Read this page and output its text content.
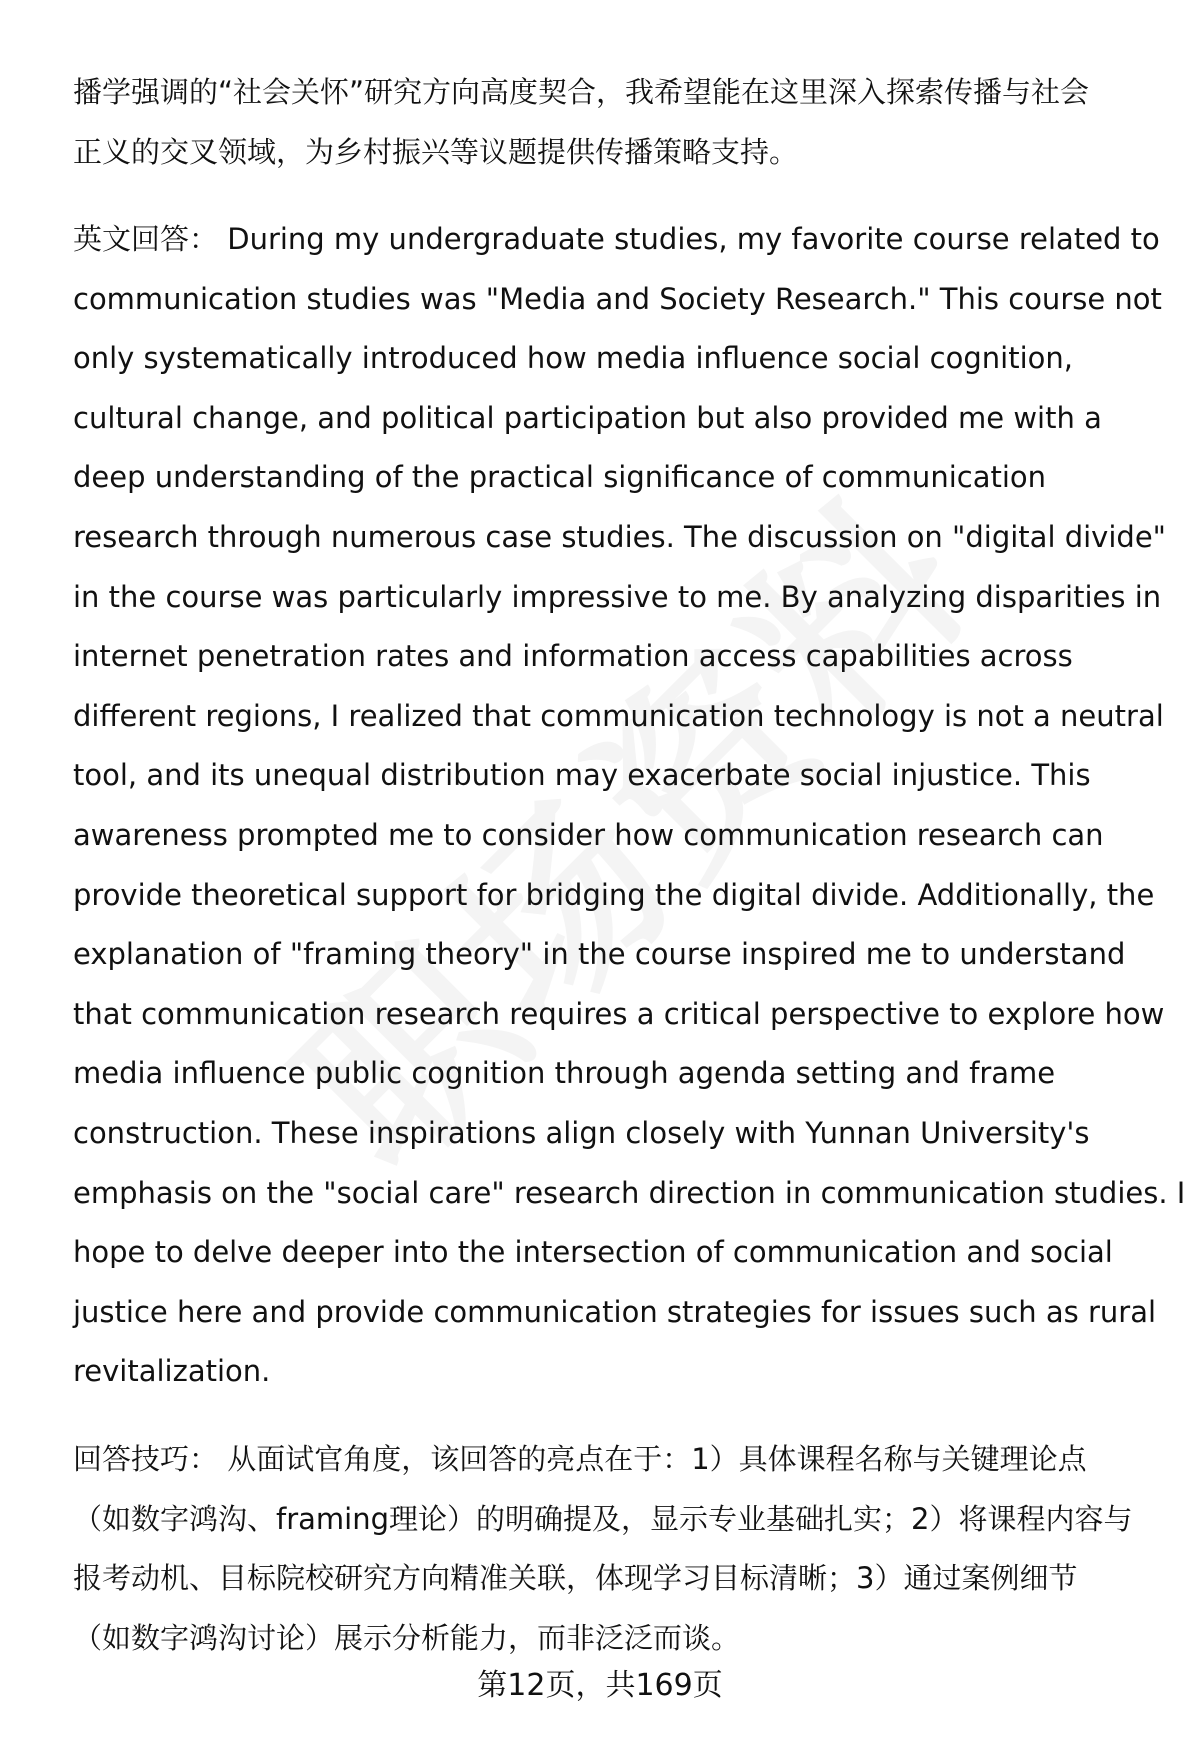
播学强调的“社会关怀”研究方向高度契合，我希望能在这里深入探索传播与社会
正义的交叉领域，为乡村振兴等议题提供传播策略支持。

英文回答： During my undergraduate studies, my favorite course related to
communication studies was "Media and Society Research." This course not
only systematically introduced how media influence social cognition,
cultural change, and political participation but also provided me with a
deep understanding of the practical significance of communication
research through numerous case studies. The discussion on "digital divide"
in the course was particularly impressive to me. By analyzing disparities in
internet penetration rates and information access capabilities across
different regions, I realized that communication technology is not a neutral
tool, and its unequal distribution may exacerbate social injustice. This
awareness prompted me to consider how communication research can
provide theoretical support for bridging the digital divide. Additionally, the
explanation of "framing theory" in the course inspired me to understand
that communication research requires a critical perspective to explore how
media influence public cognition through agenda setting and frame
construction. These inspirations align closely with Yunnan University's
emphasis on the "social care" research direction in communication studies. I
hope to delve deeper into the intersection of communication and social
justice here and provide communication strategies for issues such as rural
revitalization.

回答技巧： 从面试官角度，该回答的亮点在于：1）具体课程名称与关键理论点
（如数字鸿沟、framing理论）的明确提及，显示专业基础扎实；2）将课程内容与
报考动机、目标院校研究方向精准关联，体现学习目标清晰；3）通过案例细节
（如数字鸿沟讨论）展示分析能力，而非泛泛而谈。

第12页，共169页
